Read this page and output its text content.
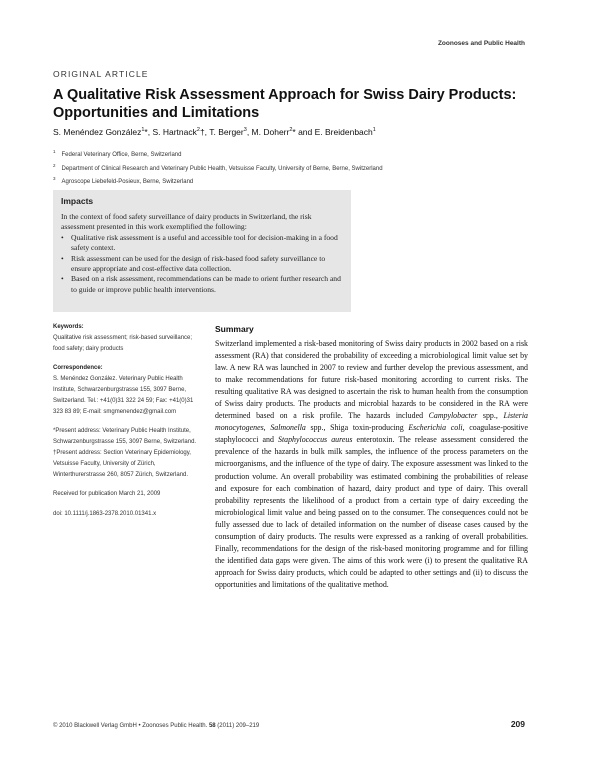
Zoonoses and Public Health
ORIGINAL ARTICLE
A Qualitative Risk Assessment Approach for Swiss Dairy Products: Opportunities and Limitations
S. Menéndez González$^1$*, S. Hartnack$^2$†, T. Berger$^3$, M. Doherr$^2$* and E. Breidenbach$^1$
$^1$Federal Veterinary Office, Berne, Switzerland
$^2$Department of Clinical Research and Veterinary Public Health, Vetsuisse Faculty, University of Berne, Berne, Switzerland
$^3$Agroscope Liebefeld-Posieux, Berne, Switzerland
Impacts
In the context of food safety surveillance of dairy products in Switzerland, the risk assessment presented in this work exemplified the following:
• Qualitative risk assessment is a useful and accessible tool for decision-making in a food safety context.
• Risk assessment can be used for the design of risk-based food safety surveillance to ensure appropriate and cost-effective data collection.
• Based on a risk assessment, recommendations can be made to orient further research and to guide or improve public health interventions.
Keywords:
Qualitative risk assessment; risk-based surveillance; food safety; dairy products
Correspondence:
S. Menéndez González. Veterinary Public Health Institute, Schwarzenburgstrasse 155, 3097 Berne, Switzerland. Tel.: +41(0)31 322 24 59; Fax: +41(0)31 323 83 89; E-mail: smgmenendez@gmail.com
*Present address: Veterinary Public Health Institute, Schwarzenburgstrasse 155, 3097 Berne, Switzerland.
†Present address: Section Veterinary Epidemiology, Vetsuisse Faculty, University of Zürich, Winterthurerstrasse 260, 8057 Zürich, Switzerland.
Received for publication March 21, 2009
doi: 10.1111/j.1863-2378.2010.01341.x
Summary
Switzerland implemented a risk-based monitoring of Swiss dairy products in 2002 based on a risk assessment (RA) that considered the probability of exceeding a microbiological limit value set by law. A new RA was launched in 2007 to review and further develop the previous assessment, and to make recommendations for future risk-based monitoring according to current risks. The resulting qualitative RA was designed to ascertain the risk to human health from the consumption of Swiss dairy products. The products and microbial hazards to be considered in the RA were determined based on a risk profile. The hazards included Campylobacter spp., Listeria monocytogenes, Salmonella spp., Shiga toxin-producing Escherichia coli, coagulase-positive staphylococci and Staphylococcus aureus enterotoxin. The release assessment considered the prevalence of the hazards in bulk milk samples, the influence of the process parameters on the microorganisms, and the influence of the type of dairy. The exposure assessment was linked to the production volume. An overall probability was estimated combining the probabilities of release and exposure for each combination of hazard, dairy product and type of dairy. This overall probability represents the likelihood of a product from a certain type of dairy exceeding the microbiological limit value and being passed on to the consumer. The consequences could not be fully assessed due to lack of detailed information on the number of disease cases caused by the consumption of dairy products. The results were expressed as a ranking of overall probabilities. Finally, recommendations for the design of the risk-based monitoring programme and for filling the identified data gaps were given. The aims of this work were (i) to present the qualitative RA approach for Swiss dairy products, which could be adapted to other settings and (ii) to discuss the opportunities and limitations of the qualitative method.
© 2010 Blackwell Verlag GmbH • Zoonoses Public Health. 58 (2011) 209–219	209
